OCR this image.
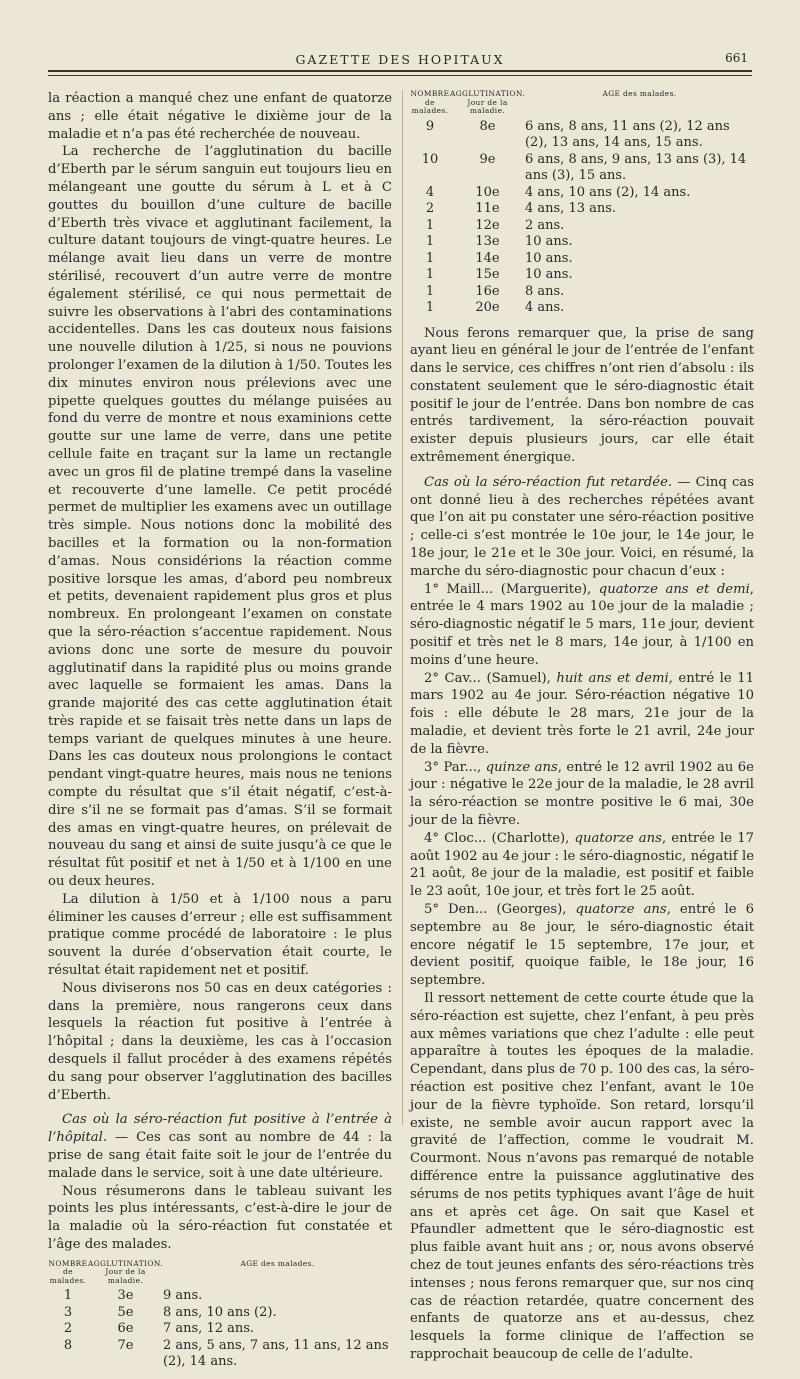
GAZETTE DES HOPITAUX	661

la réaction a manqué chez une enfant de quatorze ans ; elle était négative le dixième jour de la maladie et n’a pas été recherchée de nouveau.

La recherche de l’agglutination du bacille d’Eberth par le sérum sanguin eut toujours lieu en mélangeant une goutte du sérum à L et à C gouttes du bouillon d’une culture de bacille d’Eberth très vivace et agglutinant facilement, la culture datant toujours de vingt-quatre heures. Le mélange avait lieu dans un verre de montre stérilisé, recouvert d’un autre verre de montre également stérilisé, ce qui nous permettait de suivre les observations à l’abri des contaminations accidentelles. Dans les cas douteux nous faisions une nouvelle dilution à 1/25, si nous ne pouvions prolonger l’examen de la dilution à 1/50. Toutes les dix minutes environ nous prélevions avec une pipette quelques gouttes du mélange puisées au fond du verre de montre et nous examinions cette goutte sur une lame de verre, dans une petite cellule faite en traçant sur la lame un rectangle avec un gros fil de platine trempé dans la vaseline et recouverte d’une lamelle. Ce petit procédé permet de multiplier les examens avec un outillage très simple. Nous notions donc la mobilité des bacilles et la formation ou la non-formation d’amas. Nous considérions la réaction comme positive lorsque les amas, d’abord peu nombreux et petits, devenaient rapidement plus gros et plus nombreux. En prolongeant l’examen on constate que la séro-réaction s’accentue rapidement. Nous avions donc une sorte de mesure du pouvoir agglutinatif dans la rapidité plus ou moins grande avec laquelle se formaient les amas. Dans la grande majorité des cas cette agglutination était très rapide et se faisait très nette dans un laps de temps variant de quelques minutes à une heure. Dans les cas douteux nous prolongions le contact pendant vingt-quatre heures, mais nous ne tenions compte du résultat que s’il était négatif, c’est-à-dire s’il ne se formait pas d’amas. S’il se formait des amas en vingt-quatre heures, on prélevait de nouveau du sang et ainsi de suite jusqu’à ce que le résultat fût positif et net à 1/50 et à 1/100 en une ou deux heures.

La dilution à 1/50 et à 1/100 nous a paru éliminer les causes d’erreur ; elle est suffisamment pratique comme procédé de laboratoire : le plus souvent la durée d’observation était courte, le résultat était rapidement net et positif.

Nous diviserons nos 50 cas en deux catégories : dans la première, nous rangerons ceux dans lesquels la réaction fut positive à l’entrée à l’hôpital ; dans la deuxième, les cas à l’occasion desquels il fallut procéder à des examens répétés du sang pour observer l’agglutination des bacilles d’Eberth.

Cas où la séro-réaction fut positive à l’entrée à l’hôpital. — Ces cas sont au nombre de 44 : la prise de sang était faite soit le jour de l’entrée du malade dans le service, soit à une date ultérieure.

Nous résumerons dans le tableau suivant les points les plus intéressants, c’est-à-dire le jour de la maladie où la séro-réaction fut constatée et l’âge des malades.

NOMBRE de malades.	AGGLUTINATION. Jour de la maladie.	AGE des malades.
1	3e	9 ans.
3	5e	8 ans, 10 ans (2).
2	6e	7 ans, 12 ans.
8	7e	2 ans, 5 ans, 7 ans, 11 ans, 12 ans (2), 14 ans.
NOMBRE de malades.	AGGLUTINATION. Jour de la maladie.	AGE des malades.
9	8e	6 ans, 8 ans, 11 ans (2), 12 ans (2), 13 ans, 14 ans, 15 ans.
10	9e	6 ans, 8 ans, 9 ans, 13 ans (3), 14 ans (3), 15 ans.
4	10e	4 ans, 10 ans (2), 14 ans.
2	11e	4 ans, 13 ans.
1	12e	2 ans.
1	13e	10 ans.
1	14e	10 ans.
1	15e	10 ans.
1	16e	8 ans.
1	20e	4 ans.

Nous ferons remarquer que, la prise de sang ayant lieu en général le jour de l’entrée de l’enfant dans le service, ces chiffres n’ont rien d’absolu : ils constatent seulement que le séro-diagnostic était positif le jour de l’entrée. Dans bon nombre de cas entrés tardivement, la séro-réaction pouvait exister depuis plusieurs jours, car elle était extrêmement énergique.

Cas où la séro-réaction fut retardée. — Cinq cas ont donné lieu à des recherches répétées avant que l’on ait pu constater une séro-réaction positive ; celle-ci s’est montrée le 10e jour, le 14e jour, le 18e jour, le 21e et le 30e jour. Voici, en résumé, la marche du séro-diagnostic pour chacun d’eux :

1° Maill... (Marguerite), quatorze ans et demi, entrée le 4 mars 1902 au 10e jour de la maladie ; séro-diagnostic négatif le 5 mars, 11e jour, devient positif et très net le 8 mars, 14e jour, à 1/100 en moins d’une heure.

2° Cav... (Samuel), huit ans et demi, entré le 11 mars 1902 au 4e jour. Séro-réaction négative 10 fois : elle débute le 28 mars, 21e jour de la maladie, et devient très forte le 21 avril, 24e jour de la fièvre.

3° Par..., quinze ans, entré le 12 avril 1902 au 6e jour : négative le 22e jour de la maladie, le 28 avril la séro-réaction se montre positive le 6 mai, 30e jour de la fièvre.

4° Cloc... (Charlotte), quatorze ans, entrée le 17 août 1902 au 4e jour : le séro-diagnostic, négatif le 21 août, 8e jour de la maladie, est positif et faible le 23 août, 10e jour, et très fort le 25 août.

5° Den... (Georges), quatorze ans, entré le 6 septembre au 8e jour, le séro-diagnostic était encore négatif le 15 septembre, 17e jour, et devient positif, quoique faible, le 18e jour, 16 septembre.

Il ressort nettement de cette courte étude que la séro-réaction est sujette, chez l’enfant, à peu près aux mêmes variations que chez l’adulte : elle peut apparaître à toutes les époques de la maladie. Cependant, dans plus de 70 p. 100 des cas, la séro-réaction est positive chez l’enfant, avant le 10e jour de la fièvre typhoïde. Son retard, lorsqu’il existe, ne semble avoir aucun rapport avec la gravité de l’affection, comme le voudrait M. Courmont. Nous n’avons pas remarqué de notable différence entre la puissance agglutinative des sérums de nos petits typhiques avant l’âge de huit ans et après cet âge. On sait que Kasel et Pfaundler admettent que le séro-diagnostic est plus faible avant huit ans ; or, nous avons observé chez de tout jeunes enfants des séro-réactions très intenses ; nous ferons remarquer que, sur nos cinq cas de réaction retardée, quatre concernent des enfants de quatorze ans et au-dessus, chez lesquels la forme clinique de l’affection se rapprochait beaucoup de celle de l’adulte.
